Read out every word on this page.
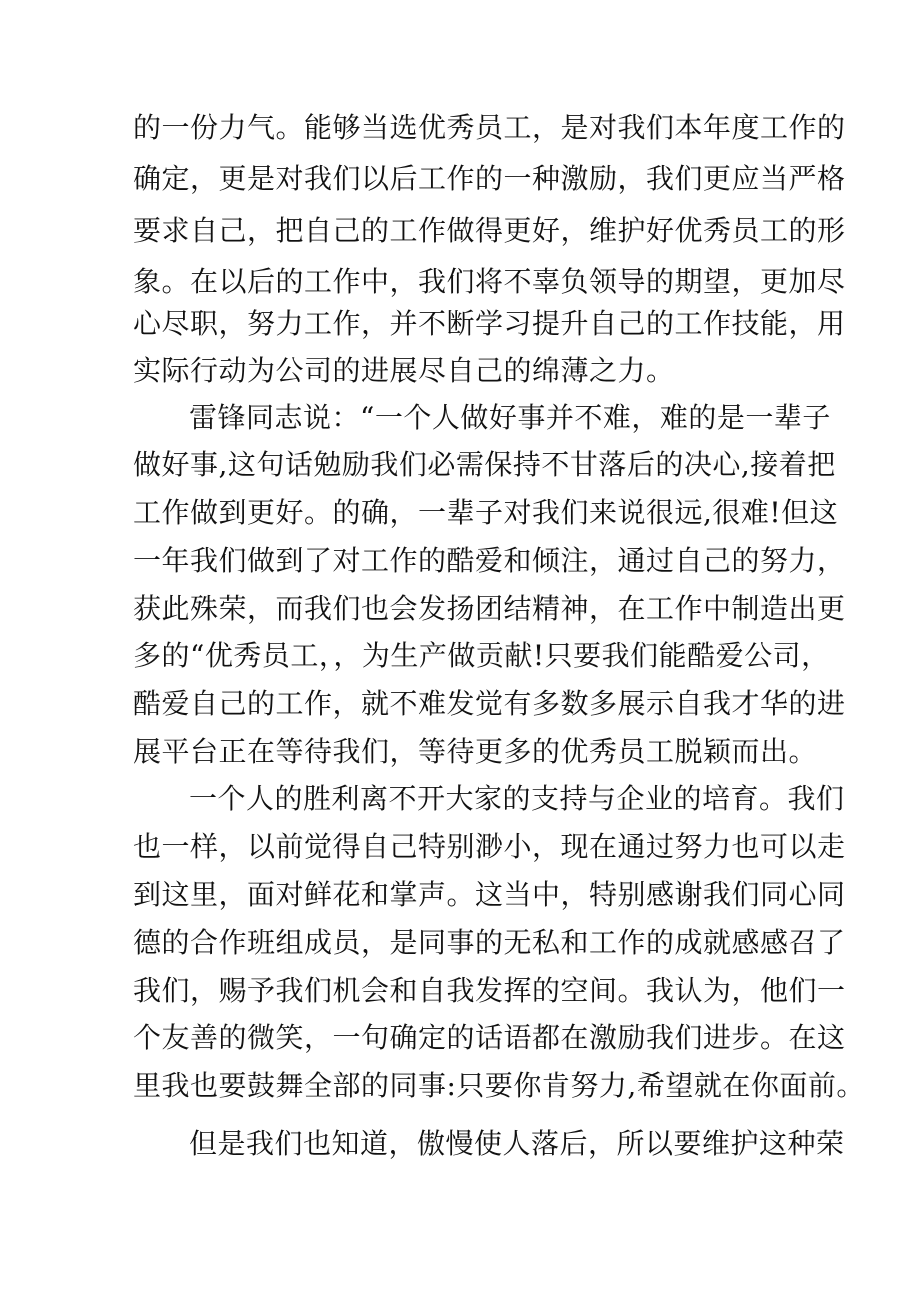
的一份力气。能够当选优秀员工，是对我们本年度工作的
确定，更是对我们以后工作的一种激励，我们更应当严格
要求自己，把自己的工作做得更好，维护好优秀员工的形
象。在以后的工作中，我们将不辜负领导的期望，更加尽
心尽职，努力工作，并不断学习提升自己的工作技能，用
实际行动为公司的进展尽自己的绵薄之力。
雷锋同志说：“一个人做好事并不难，难的是一辈子
做好事,这句话勉励我们必需保持不甘落后的决心,接着把
工作做到更好。的确，一辈子对我们来说很远,很难!但这
一年我们做到了对工作的酷爱和倾注，通过自己的努力，
获此殊荣，而我们也会发扬团结精神，在工作中制造出更
多的“优秀员工，，为生产做贡献!只要我们能酷爱公司，
酷爱自己的工作，就不难发觉有多数多展示自我才华的进
展平台正在等待我们，等待更多的优秀员工脱颖而出。
一个人的胜利离不开大家的支持与企业的培育。我们
也一样，以前觉得自己特别渺小，现在通过努力也可以走
到这里，面对鲜花和掌声。这当中，特别感谢我们同心同
德的合作班组成员，是同事的无私和工作的成就感感召了
我们，赐予我们机会和自我发挥的空间。我认为，他们一
个友善的微笑，一句确定的话语都在激励我们进步。在这
里我也要鼓舞全部的同事:只要你肯努力,希望就在你面前。
但是我们也知道，傲慢使人落后，所以要维护这种荣
